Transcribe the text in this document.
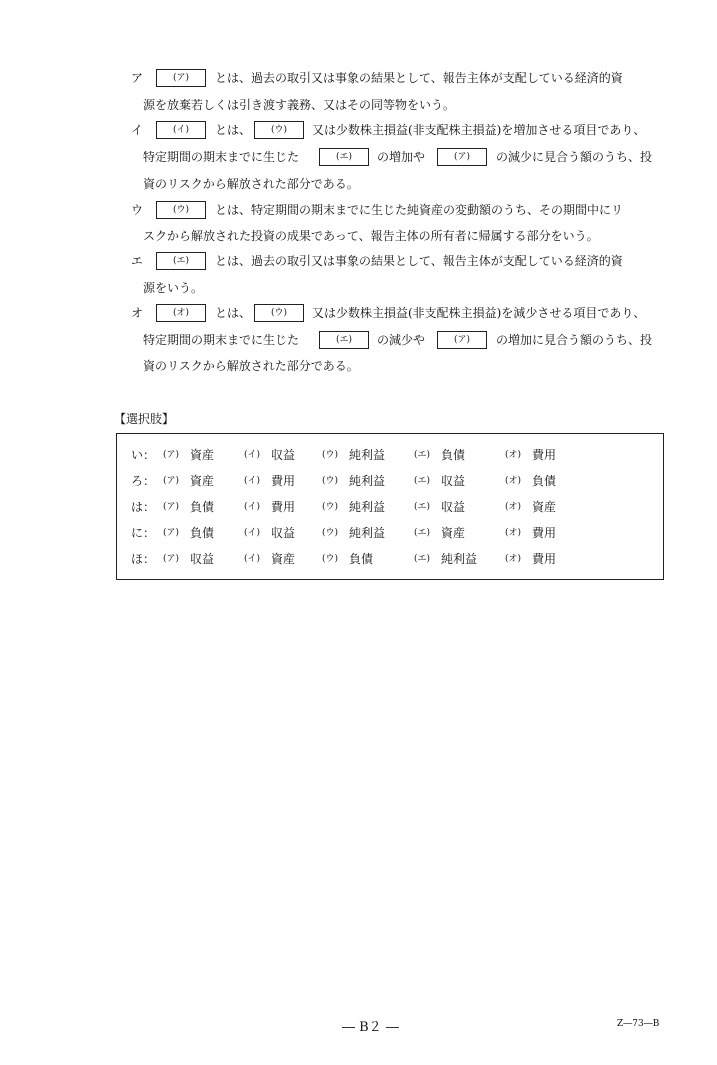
ア	(ア)	とは、過去の取引又は事象の結果として、報告主体が支配している経済的資
源を放棄若しくは引き渡す義務、又はその同等物をいう。
イ	(イ)	とは、	(ウ)	又は少数株主損益(非支配株主損益)を増加させる項目であり、
特定期間の期末までに生じた	(エ)	の増加や	(ア)	の減少に見合う額のうち、投
資のリスクから解放された部分である。
ウ	(ウ)	とは、特定期間の期末までに生じた純資産の変動額のうち、その期間中にリ
スクから解放された投資の成果であって、報告主体の所有者に帰属する部分をいう。
エ	(エ)	とは、過去の取引又は事象の結果として、報告主体が支配している経済的資
源をいう。
オ	(オ)	とは、	(ウ)	又は少数株主損益(非支配株主損益)を減少させる項目であり、
特定期間の期末までに生じた	(エ)	の減少や	(ア)	の増加に見合う額のうち、投
資のリスクから解放された部分である。
【選択肢】
い： (ア) 資産	(イ) 収益	(ウ) 純利益	(エ) 負債	(オ) 費用
ろ： (ア) 資産	(イ) 費用	(ウ) 純利益	(エ) 収益	(オ) 負債
は： (ア) 負債	(イ) 費用	(ウ) 純利益	(エ) 収益	(オ) 資産
に： (ア) 負債	(イ) 収益	(ウ) 純利益	(エ) 資産	(オ) 費用
ほ： (ア) 収益	(イ) 資産	(ウ) 負債	(エ) 純利益	(オ) 費用
― B２ ―	Z―73―B
